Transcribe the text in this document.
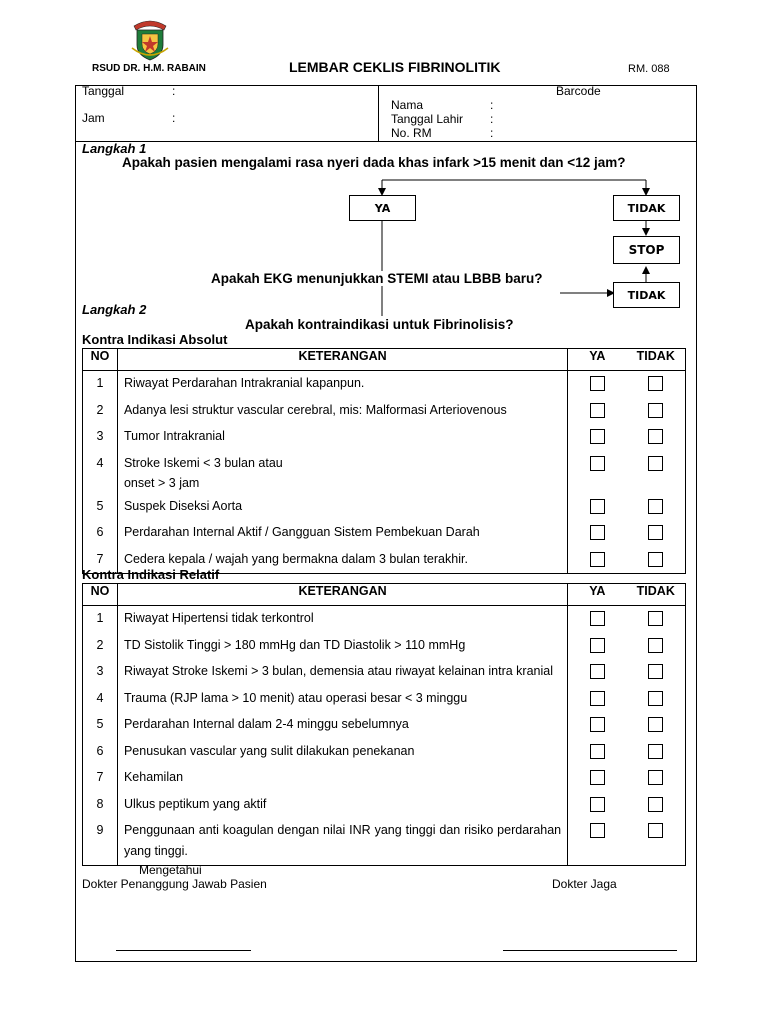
RSUD DR. H.M. RABAIN	LEMBAR CEKLIS FIBRINOLITIK	RM. 088
Tanggal	:
Jam	:
Barcode
Nama	:
Tanggal Lahir :
No. RM	:
Langkah 1
Apakah pasien mengalami rasa nyeri dada khas infark >15 menit dan <12 jam?
YA	TIDAK
STOP
TIDAK
Apakah EKG menunjukkan STEMI atau LBBB baru?
Langkah 2
Apakah kontraindikasi untuk Fibrinolisis?
Kontra Indikasi Absolut
NO	KETERANGAN	YA	TIDAK
1	Riwayat Perdarahan Intrakranial kapanpun.		
2	Adanya lesi struktur vascular cerebral, mis: Malformasi Arteriovenous		
3	Tumor Intrakranial		
4	Stroke Iskemi < 3 bulan atau
onset > 3 jam		

5	Suspek Diseksi Aorta		
6	Perdarahan Internal Aktif / Gangguan Sistem Pembekuan Darah		
7	Cedera kepala / wajah yang bermakna dalam 3 bulan terakhir.		
Kontra Indikasi Relatif
NO	KETERANGAN	YA	TIDAK
1	Riwayat Hipertensi tidak terkontrol		
2	TD Sistolik Tinggi > 180 mmHg dan TD Diastolik > 110 mmHg		
3	Riwayat Stroke Iskemi > 3 bulan, demensia atau riwayat kelainan intra kranial		
4	Trauma (RJP lama > 10 menit) atau operasi besar < 3 minggu		
5	Perdarahan Internal dalam 2-4 minggu sebelumnya		
6	Penusukan vascular yang sulit dilakukan penekanan		
7	Kehamilan		
8	Ulkus peptikum yang aktif		
9	Penggunaan anti koagulan dengan nilai INR yang tinggi dan risiko perdarahan yang tinggi.		
Mengetahui
Dokter Penanggung Jawab Pasien	Dokter Jaga
